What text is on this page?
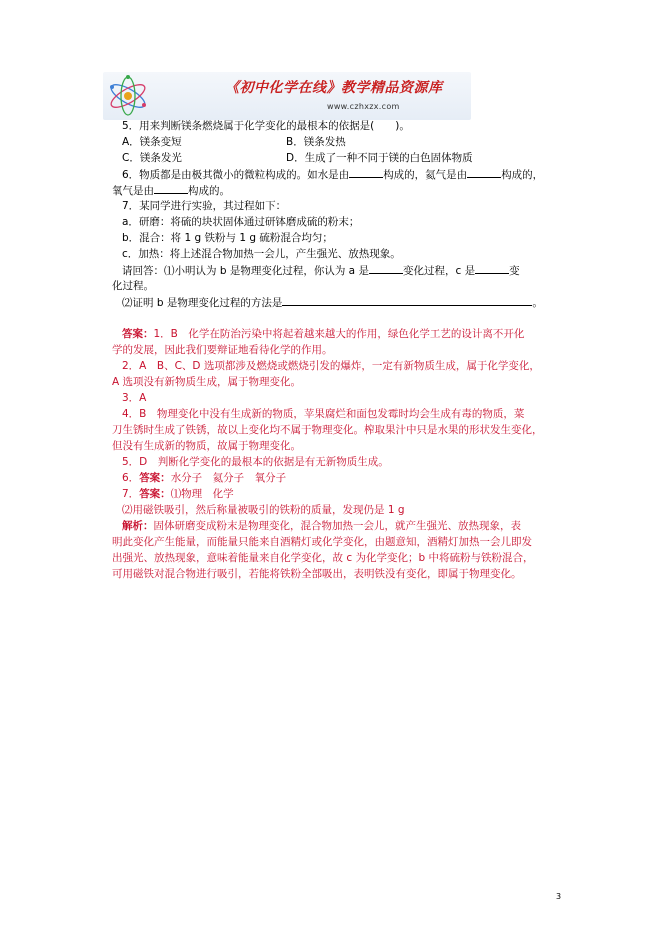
《初中化学在线》教学精品资源库
www.czhxzx.com
5．用来判断镁条燃烧属于化学变化的最根本的依据是(　　)。
A．镁条变短	B．镁条发热
C．镁条发光	D．生成了一种不同于镁的白色固体物质
6．物质都是由极其微小的微粒构成的。如水是由	构成的，氦气是由	构成的，
氧气是由	构成的。
7．某同学进行实验，其过程如下：
a．研磨：将硫的块状固体通过研钵磨成硫的粉末；
b．混合：将 1 g 铁粉与 1 g 硫粉混合均匀；
c．加热：将上述混合物加热一会儿，产生强光、放热现象。
请回答：⑴小明认为 b 是物理变化过程，你认为 a 是	变化过程，c 是	变
化过程。
⑵证明 b 是物理变化过程的方法是	。
答案：1．B　化学在防治污染中将起着越来越大的作用，绿色化学工艺的设计离不开化
学的发展，因此我们要辩证地看待化学的作用。
2．A　B、C、D 选项都涉及燃烧或燃烧引发的爆炸，一定有新物质生成，属于化学变化，
A 选项没有新物质生成，属于物理变化。
3．A
4．B　物理变化中没有生成新的物质，苹果腐烂和面包发霉时均会生成有毒的物质，菜
刀生锈时生成了铁锈，故以上变化均不属于物理变化。榨取果汁中只是水果的形状发生变化，
但没有生成新的物质，故属于物理变化。
5．D　判断化学变化的最根本的依据是有无新物质生成。
6．答案：水分子　氦分子　氧分子
7．答案：⑴物理　化学
⑵用磁铁吸引，然后称量被吸引的铁粉的质量，发现仍是 1 g
解析：固体研磨变成粉末是物理变化，混合物加热一会儿，就产生强光、放热现象，表
明此变化产生能量，而能量只能来自酒精灯或化学变化，由题意知，酒精灯加热一会儿即发
出强光、放热现象，意味着能量来自化学变化，故 c 为化学变化；b 中将硫粉与铁粉混合，
可用磁铁对混合物进行吸引，若能将铁粉全部吸出，表明铁没有变化，即属于物理变化。
3
